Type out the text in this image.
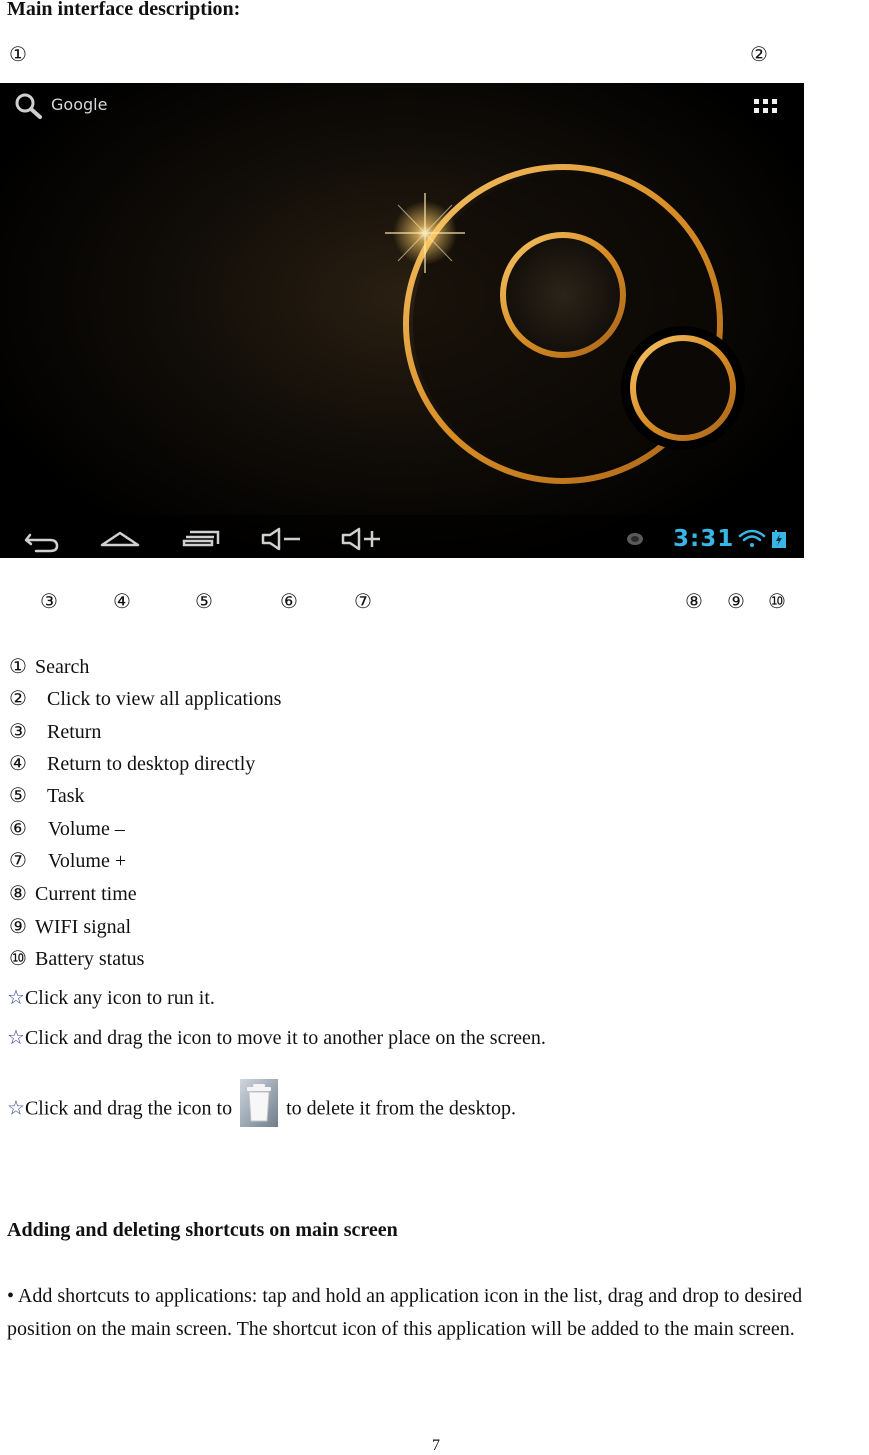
Main interface description:
①	②
Google
3:31
③	④	⑤	⑥	⑦	⑧ ⑨ ⑩
① Search
② Click to view all applications
③ Return
④ Return to desktop directly
⑤ Task
⑥ Volume –
⑦ Volume +
⑧ Current time
⑨ WIFI signal
⑩ Battery status
☆Click any icon to run it.
☆Click and drag the icon to move it to another place on the screen.
☆Click and drag the icon to	to delete it from the desktop.
Adding and deleting shortcuts on main screen
• Add shortcuts to applications: tap and hold an application icon in the list, drag and drop to desired position on the main screen. The shortcut icon of this application will be added to the main screen.
7
